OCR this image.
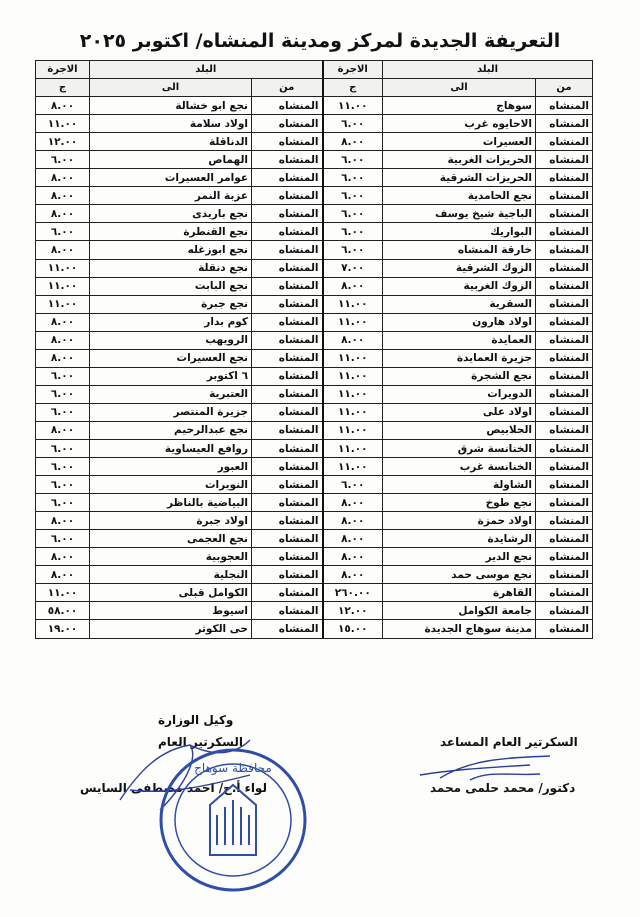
التعريفة الجديدة لمركز ومدينة المنشاه/ اكتوبر ٢٠٢٥
البلد		الاجرة	البلد		الاجرة
من	الى	ج	من	الى	ج
المنشاه	سوهاج	١١.٠٠	المنشاه	نجع ابو خشالة	٨.٠٠
المنشاه	الاحايوه غرب	٦.٠٠	المنشاه	اولاد سلامة	١١.٠٠
المنشاه	العسيرات	٨.٠٠	المنشاه	الدناقلة	١٢.٠٠
المنشاه	الحريزات الغربية	٦.٠٠	المنشاه	الهماص	٦.٠٠
المنشاه	الحريزات الشرقية	٦.٠٠	المنشاه	عوامر العسيرات	٨.٠٠
المنشاه	نجع الحامدية	٦.٠٠	المنشاه	عزبة النمر	٨.٠٠
المنشاه	الباجية شيخ يوسف	٦.٠٠	المنشاه	نجع باريدى	٨.٠٠
المنشاه	البواريك	٦.٠٠	المنشاه	نجع القنطرة	٦.٠٠
المنشاه	خارقة المنشاه	٦.٠٠	المنشاه	نجع ابوزغله	٨.٠٠
المنشاه	الزوك الشرقية	٧.٠٠	المنشاه	نجع دنقلة	١١.٠٠
المنشاه	الزوك الغربية	٨.٠٠	المنشاه	نجع البابت	١١.٠٠
المنشاه	السقرية	١١.٠٠	المنشاه	نجع جبرة	١١.٠٠
المنشاه	اولاد هارون	١١.٠٠	المنشاه	كوم بدار	٨.٠٠
المنشاه	العمايدة	٨.٠٠	المنشاه	الرويهب	٨.٠٠
المنشاه	جزيرة العمايدة	١١.٠٠	المنشاه	نجع العسيرات	٨.٠٠
المنشاه	نجع الشجرة	١١.٠٠	المنشاه	٦ اكتوبر	٦.٠٠
المنشاه	الدويرات	١١.٠٠	المنشاه	العتبرية	٦.٠٠
المنشاه	اولاد على	١١.٠٠	المنشاه	جزيرة المنتصر	٦.٠٠
المنشاه	الحلابيص	١١.٠٠	المنشاه	نجع عبدالرحيم	٨.٠٠
المنشاه	الخنانسة شرق	١١.٠٠	المنشاه	روافع العيساوية	٦.٠٠
المنشاه	الخنانسة غرب	١١.٠٠	المنشاه	العبور	٦.٠٠
المنشاه	الشاولة	٦.٠٠	المنشاه	النويرات	٦.٠٠
المنشاه	نجع طوخ	٨.٠٠	المنشاه	البياضية بالناظر	٦.٠٠
المنشاه	اولاد حمزة	٨.٠٠	المنشاه	اولاد جبرة	٨.٠٠
المنشاه	الرشايدة	٨.٠٠	المنشاه	نجع العجمى	٦.٠٠
المنشاه	نجع الدير	٨.٠٠	المنشاه	العجوبية	٨.٠٠
المنشاه	نجع موسى حمد	٨.٠٠	المنشاه	النجلية	٨.٠٠
المنشاه	القاهرة	٢٦٠.٠٠	المنشاه	الكوامل قبلى	١١.٠٠
المنشاه	جامعة الكوامل	١٢.٠٠	المنشاه	اسيوط	٥٨.٠٠
المنشاه	مدينة سوهاج الجديدة	١٥.٠٠	المنشاه	حى الكوثر	١٩.٠٠
السكرتير العام المساعد
دكتور/ محمد حلمى محمد
وكيل الوزارة
السكرتير العام
لواء أ.ح/ احمد مصطفى السايس
محافظة سوهاج
